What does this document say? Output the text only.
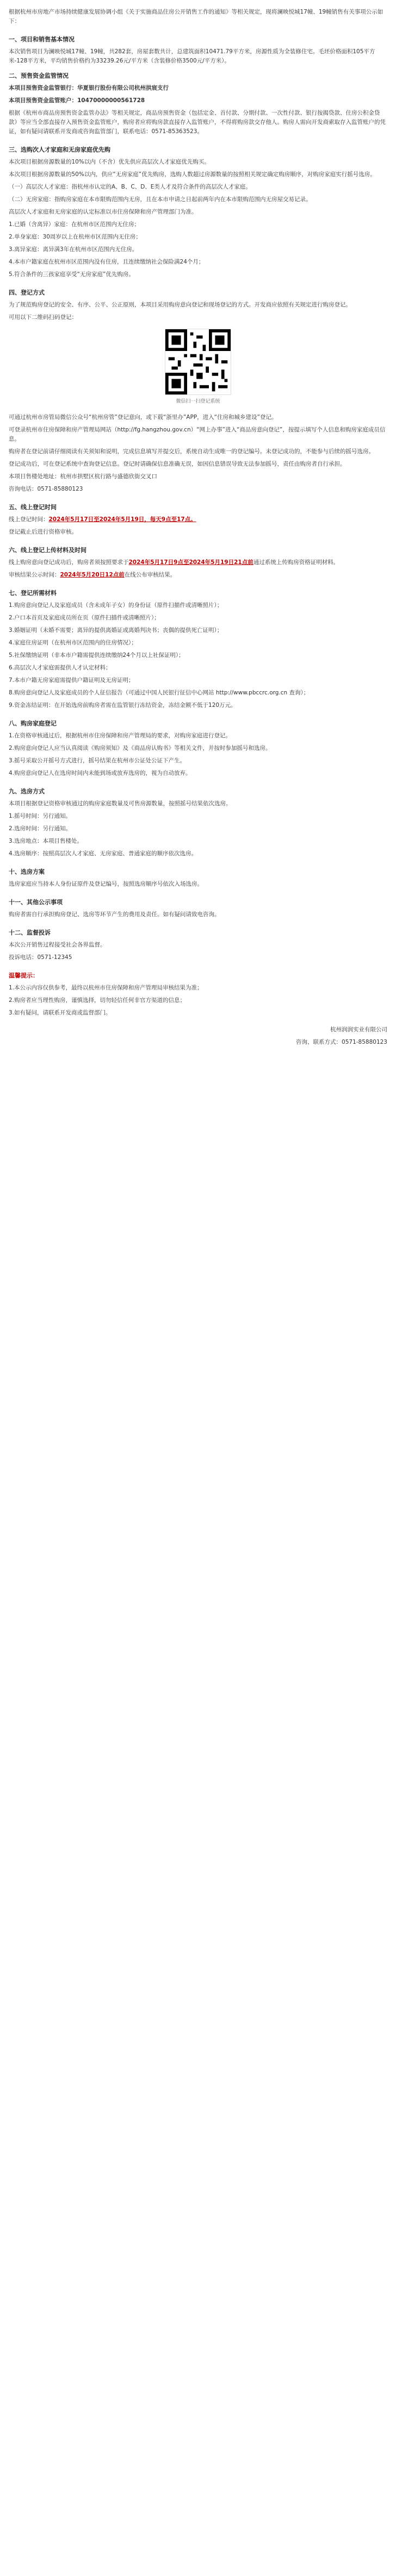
根据杭州市房地产市场持续健康发展协调小组《关于实施商品住房公开销售工作的通知》等相关规定，现将澜映悦城17幢、19幢销售有关事项公示如下：

一、项目和销售基本情况

本次销售项目为澜映悦城17幢、19幢，共282套，房屋套数共计，总建筑面积10471.79平方米，房源性质为全装修住宅。毛坯价格面积105平方米-128平方米，平均销售价格约为33239.26元/平方米（含装修价格3500元/平方米）。

二、预售资金监管情况

本项目预售资金监管银行：华夏银行股份有限公司杭州拱宸支行

本项目预售资金监管账户：10470000000561728

根据《杭州市商品房预售资金监管办法》等相关规定，商品房预售资金（包括定金、首付款、分期付款、一次性付款、银行按揭贷款、住房公积金贷款）等应当全部直接存入预售资金监管账户，购房者应将购房款直接存入监管账户，不得将购房款交存他人。购房人需向开发商索取存入监管账户的凭证，如有疑问请联系开发商或咨询监管部门，联系电话：0571-85363523。

三、选购次人才家庭和无房家庭优先购

本次项目根据房源数量的10%以内（不含）优先供应高层次人才家庭优先购买。

本次项目根据房源数量的50%以内，供应“无房家庭”优先购房，选购人数超过房源数量的按照相关规定确定购房顺序，对购房家庭实行摇号选房。

（一）高层次人才家庭：指杭州市认定的A、B、C、D、E类人才及符合条件的高层次人才家庭。

（二）无房家庭：指购房家庭在本市限购范围内无房，且在本市申请之日起前两年内在本市限购范围内无房屋交易记录。

高层次人才家庭和无房家庭的认定标准以市住房保障和房产管理部门为准。

1.已婚（含离异）家庭：在杭州市区范围内无住房；

2.单身家庭：30周岁以上在杭州市区范围内无住房；

3.离异家庭：离异满3年在杭州市区范围内无住房。

4.本市户籍家庭在杭州市区范围内没有住房，且连续缴纳社会保险满24个月；

5.符合条件的三孩家庭享受“无房家庭”优先购房。

四、登记方式

为了规范购房登记的安全、有序、公平、公正原则，本项目采用购房意向登记和现场登记的方式。开发商应依照有关规定进行购房登记。

可用以下二维码扫码登记：

微信扫一扫登记系统

可通过杭州市房管局微信公众号“杭州房管”登记意向，或下载“浙里办”APP，进入“住房和城乡建设”登记。

可登录杭州市住房保障和房产管理局网站（http://fg.hangzhou.gov.cn）“网上办事”进入“商品房意向登记”，按提示填写个人信息和购房家庭成员信息。

购房者在登记前请仔细阅读有关须知和说明，完成信息填写并提交后，系统自动生成唯一的登记编号。未登记成功的，不能参与后续的摇号选房。

登记成功后，可在登记系统中查询登记信息。登记时请确保信息准确无误，如因信息错误导致无法参加摇号，责任由购房者自行承担。

本项目售楼处地址：杭州市拱墅区杭行路与盛德欣街交叉口

咨询电话：0571-85880123

五、线上登记时间

线上登记时间：2024年5月17日至2024年5月19日，每天9点至17点。

登记截止后进行资格审核。

六、线上登记上传材料及时间

线上购房意向登记成功后，购房者须按照要求于2024年5月17日9点至2024年5月19日21点前通过系统上传购房资格证明材料。

审核结果公示时间：2024年5月20日12点前在线公布审核结果。

七、登记所需材料

1.购房意向登记人及家庭成员（含未成年子女）的身份证（原件扫描件或清晰照片）；

2.户口本首页及家庭成员所在页（原件扫描件或清晰照片）；

3.婚姻证明（未婚不需要；离异的提供离婚证或离婚判决书；丧偶的提供死亡证明）；

4.家庭住房证明（在杭州市区范围内的住房情况）；

5.社保缴纳证明（非本市户籍需提供连续缴纳24个月以上社保证明）；

6.高层次人才家庭需提供人才认定材料；

7.本市户籍无房家庭需提供户籍证明及无房证明；

8.购房意向登记人及家庭成员的个人征信报告（可通过中国人民银行征信中心网站 http://www.pbccrc.org.cn 查询）；

9.资金冻结证明：在开始选房前购房者需在监管银行冻结资金，冻结金额不低于120万元。

八、购房家庭登记

1.在资格审核通过后，根据杭州市住房保障和房产管理局的要求，对购房家庭进行登记。

2.购房意向登记人应当认真阅读《购房须知》及《商品房认购书》等相关文件，并按时参加摇号和选房。

3.摇号采取公开摇号方式进行，摇号结果在杭州市公证处公证下产生。

4.购房意向登记人在选房时间内未能到场或放弃选房的，视为自动放弃。

九、选房方式

本项目根据登记资格审核通过的购房家庭数量及可售房源数量，按照摇号结果依次选房。

1.摇号时间：另行通知。

2.选房时间：另行通知。

3.选房地点：本项目售楼处。

4.选房顺序：按照高层次人才家庭、无房家庭、普通家庭的顺序依次选房。

十、选房方案

选房家庭应当持本人身份证原件及登记编号，按照选房顺序号依次入场选房。

十一、其他公示事项

购房者需自行承担购房登记、选房等环节产生的费用及责任。如有疑问请致电咨询。

十二、监督投诉

本次公开销售过程接受社会各界监督。

投诉电话：0571-12345

温馨提示：

1.本公示内容仅供参考，最终以杭州市住房保障和房产管理局审核结果为准；

2.购房者应当理性购房，谨慎选择，切勿轻信任何非官方渠道的信息；

3.如有疑问，请联系开发商或监督部门。

杭州润润实业有限公司

咨询、联系方式：0571-85880123
